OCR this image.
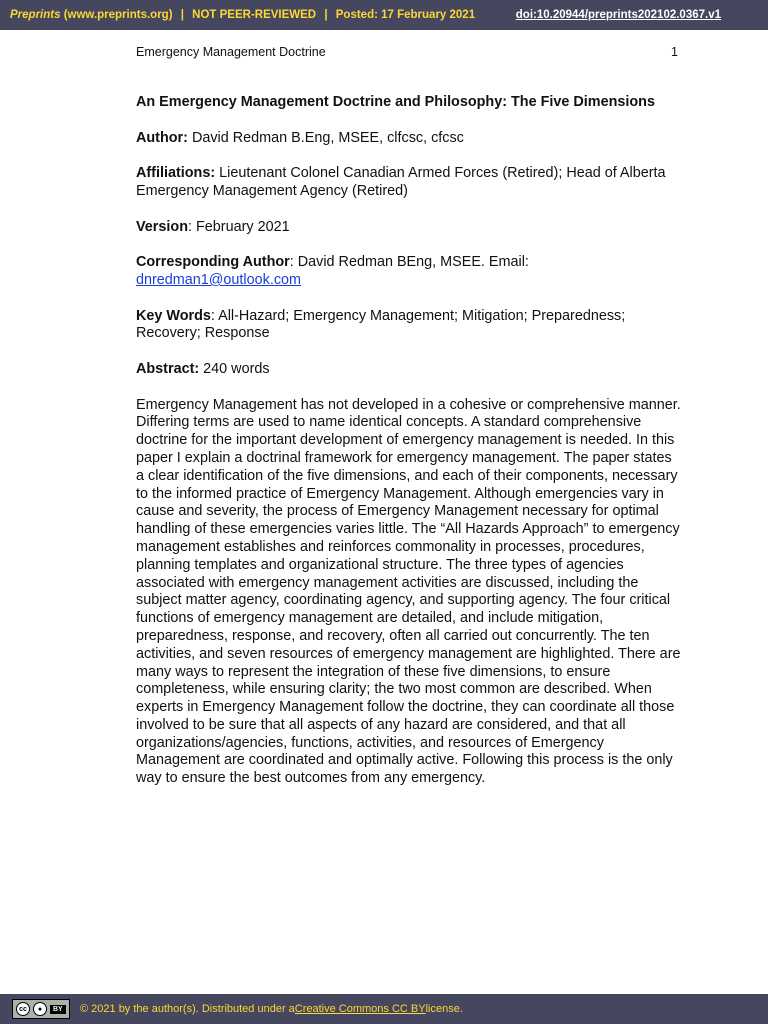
Preprints (www.preprints.org) | NOT PEER-REVIEWED | Posted: 17 February 2021	doi:10.20944/preprints202102.0367.v1
Emergency Management Doctrine	1

An Emergency Management Doctrine and Philosophy: The Five Dimensions

Author: David Redman B.Eng, MSEE, clfcsc, cfcsc

Affiliations: Lieutenant Colonel Canadian Armed Forces (Retired); Head of Alberta Emergency Management Agency (Retired)

Version: February 2021

Corresponding Author: David Redman BEng, MSEE. Email:
dnredman1@outlook.com

Key Words: All-Hazard; Emergency Management; Mitigation; Preparedness; Recovery; Response

Abstract: 240 words

Emergency Management has not developed in a cohesive or comprehensive manner. Differing terms are used to name identical concepts. A standard comprehensive doctrine for the important development of emergency management is needed. In this paper I explain a doctrinal framework for emergency management. The paper states a clear identification of the five dimensions, and each of their components, necessary to the informed practice of Emergency Management. Although emergencies vary in cause and severity, the process of Emergency Management necessary for optimal handling of these emergencies varies little. The “All Hazards Approach” to emergency management establishes and reinforces commonality in processes, procedures, planning templates and organizational structure. The three types of agencies associated with emergency management activities are discussed, including the subject matter agency, coordinating agency, and supporting agency. The four critical functions of emergency management are detailed, and include mitigation, preparedness, response, and recovery, often all carried out concurrently. The ten activities, and seven resources of emergency management are highlighted. There are many ways to represent the integration of these five dimensions, to ensure completeness, while ensuring clarity; the two most common are described. When experts in Emergency Management follow the doctrine, they can coordinate all those involved to be sure that all aspects of any hazard are considered, and that all organizations/agencies, functions, activities, and resources of Emergency Management are coordinated and optimally active. Following this process is the only way to ensure the best outcomes from any emergency.

cc	●	BY © 2021 by the author(s). Distributed under a Creative Commons CC BY license.
